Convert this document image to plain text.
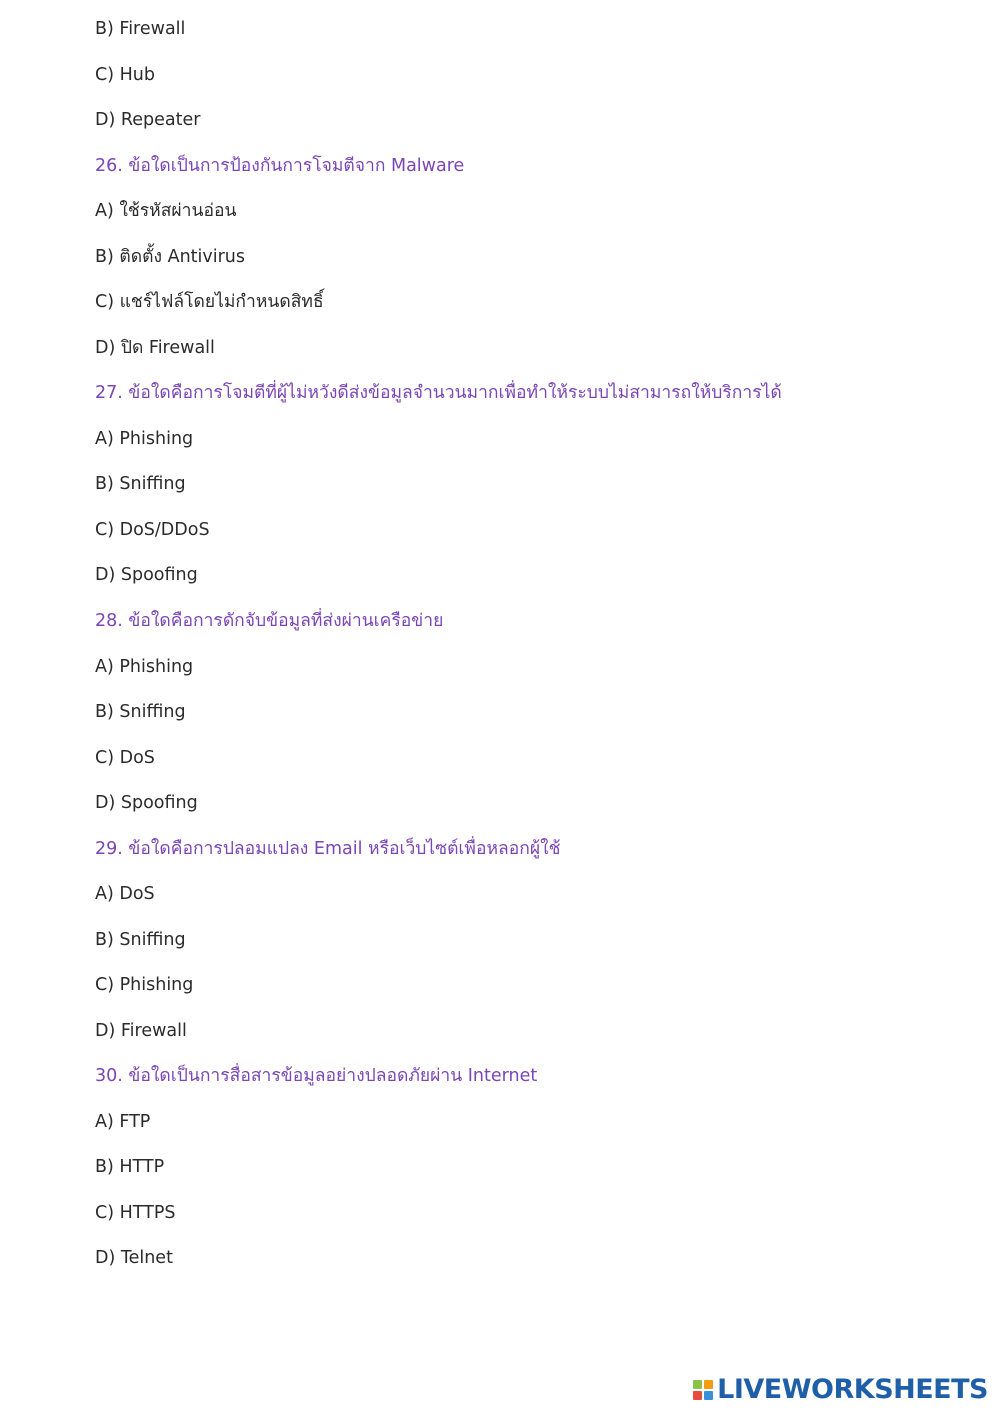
B) Firewall
C) Hub
D) Repeater
26. ข้อใดเป็นการป้องกันการโจมตีจาก Malware
A) ใช้รหัสผ่านอ่อน
B) ติดตั้ง Antivirus
C) แชร์ไฟล์โดยไม่กำหนดสิทธิ์
D) ปิด Firewall
27. ข้อใดคือการโจมตีที่ผู้ไม่หวังดีส่งข้อมูลจำนวนมากเพื่อทำให้ระบบไม่สามารถให้บริการได้
A) Phishing
B) Sniffing
C) DoS/DDoS
D) Spoofing
28. ข้อใดคือการดักจับข้อมูลที่ส่งผ่านเครือข่าย
A) Phishing
B) Sniffing
C) DoS
D) Spoofing
29. ข้อใดคือการปลอมแปลง Email หรือเว็บไซต์เพื่อหลอกผู้ใช้
A) DoS
B) Sniffing
C) Phishing
D) Firewall
30. ข้อใดเป็นการสื่อสารข้อมูลอย่างปลอดภัยผ่าน Internet
A) FTP
B) HTTP
C) HTTPS
D) Telnet
LIVEWORKSHEETS
